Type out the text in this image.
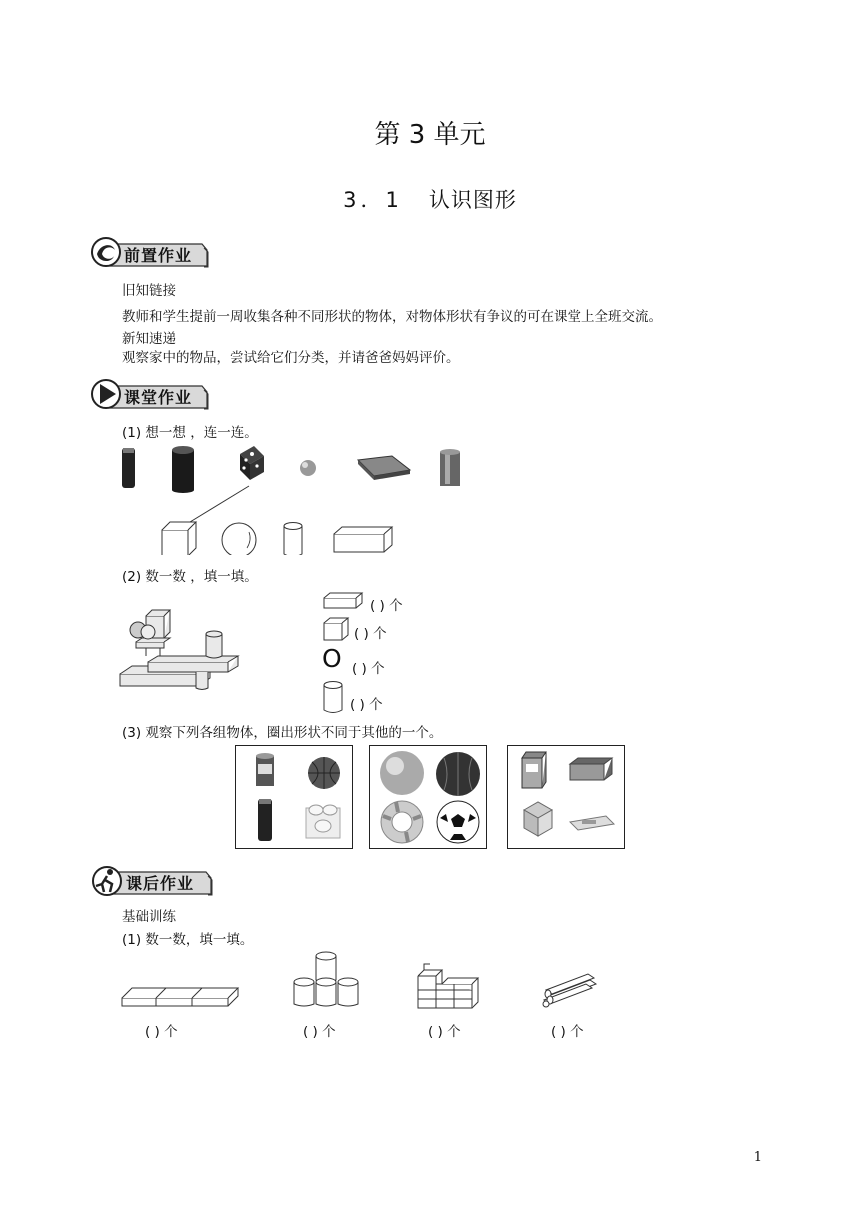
第 3 单元
3．1 认识图形
前置作业
旧知链接
教师和学生提前一周收集各种不同形状的物体，对物体形状有争议的可在课堂上全班交流。
新知速递
观察家中的物品，尝试给它们分类，并请爸爸妈妈评价。
课堂作业
(1) 想一想 ，连一连。
(2) 数一数 ，填一填。
( ) 个
( ) 个
O ( ) 个
( ) 个
(3) 观察下列各组物体，圈出形状不同于其他的一个。
课后作业
基础训练
(1) 数一数，填一填。
( ) 个	( ) 个	( ) 个	( ) 个
1
